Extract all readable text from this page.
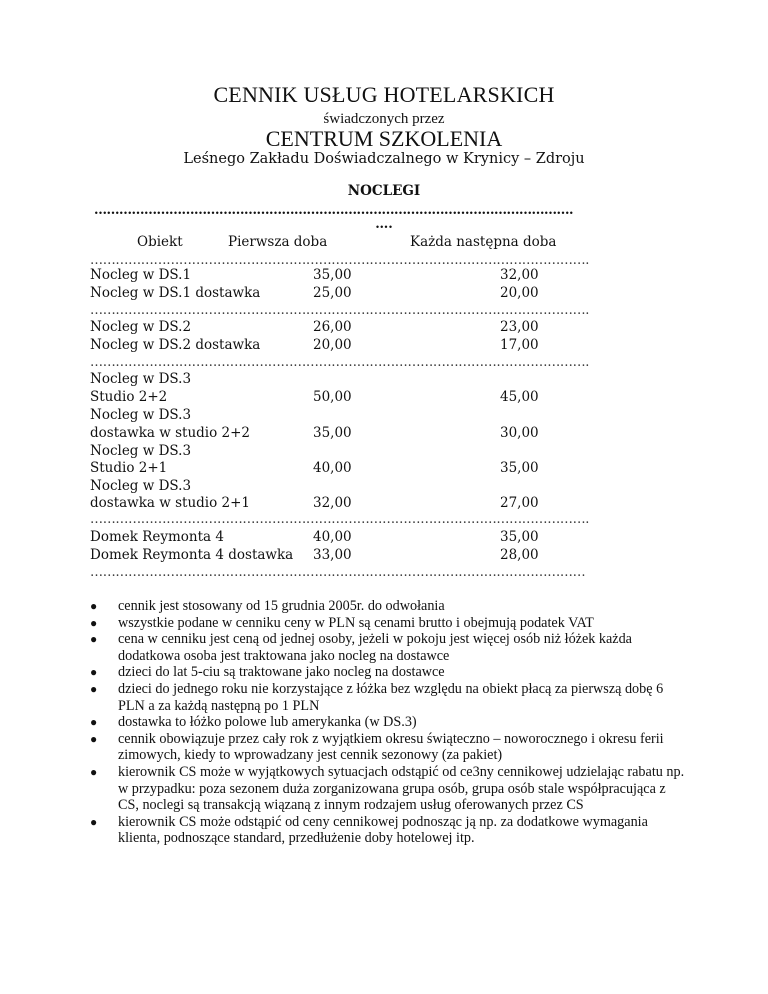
CENNIK USŁUG HOTELARSKICH
świadczonych przez
CENTRUM SZKOLENIA
Leśnego Zakładu Doświadczalnego w Krynicy – Zdroju
NOCLEGI
…………………………………………………………………………………………………….
….
Obiekt	Pierwsza doba	Każda następna doba
……………………………………………………………………………………………………….
Nocleg w DS.1	35,00	32,00
Nocleg w DS.1 dostawka	25,00	20,00
……………………………………………………………………………………………………….
Nocleg w DS.2	26,00	23,00
Nocleg w DS.2 dostawka	20,00	17,00
……………………………………………………………………………………………………….
Nocleg w DS.3
Studio 2+2	50,00	45,00
Nocleg w DS.3
dostawka w studio 2+2	35,00	30,00
Nocleg w DS.3
Studio 2+1	40,00	35,00
Nocleg w DS.3
dostawka w studio 2+1	32,00	27,00
……………………………………………………………………………………………………….
Domek Reymonta 4	40,00	35,00
Domek Reymonta 4 dostawka 33,00	28,00
………………………………………………………………………………………………………
● cennik jest stosowany od 15 grudnia 2005r. do odwołania
● wszystkie podane w cenniku ceny w PLN są cenami brutto i obejmują podatek VAT
● cena w cenniku jest ceną od jednej osoby, jeżeli w pokoju jest więcej osób niż łóżek każda dodatkowa osoba jest traktowana jako nocleg na dostawce
● dzieci do lat 5-ciu są traktowane jako nocleg na dostawce
● dzieci do jednego roku nie korzystające z łóżka bez względu na obiekt płacą za pierwszą dobę 6 PLN a za każdą następną po 1 PLN
● dostawka to łóżko polowe lub amerykanka (w DS.3)
● cennik obowiązuje przez cały rok z wyjątkiem okresu świąteczno – noworocznego i okresu ferii zimowych, kiedy to wprowadzany jest cennik sezonowy (za pakiet)
● kierownik CS może w wyjątkowych sytuacjach odstąpić od ce3ny cennikowej udzielając rabatu np. w przypadku: poza sezonem duża zorganizowana grupa osób, grupa osób stale współpracująca z CS, noclegi są transakcją wiązaną z innym rodzajem usług oferowanych przez CS
● kierownik CS może odstąpić od ceny cennikowej podnosząc ją np. za dodatkowe wymagania klienta, podnoszące standard, przedłużenie doby hotelowej itp.
